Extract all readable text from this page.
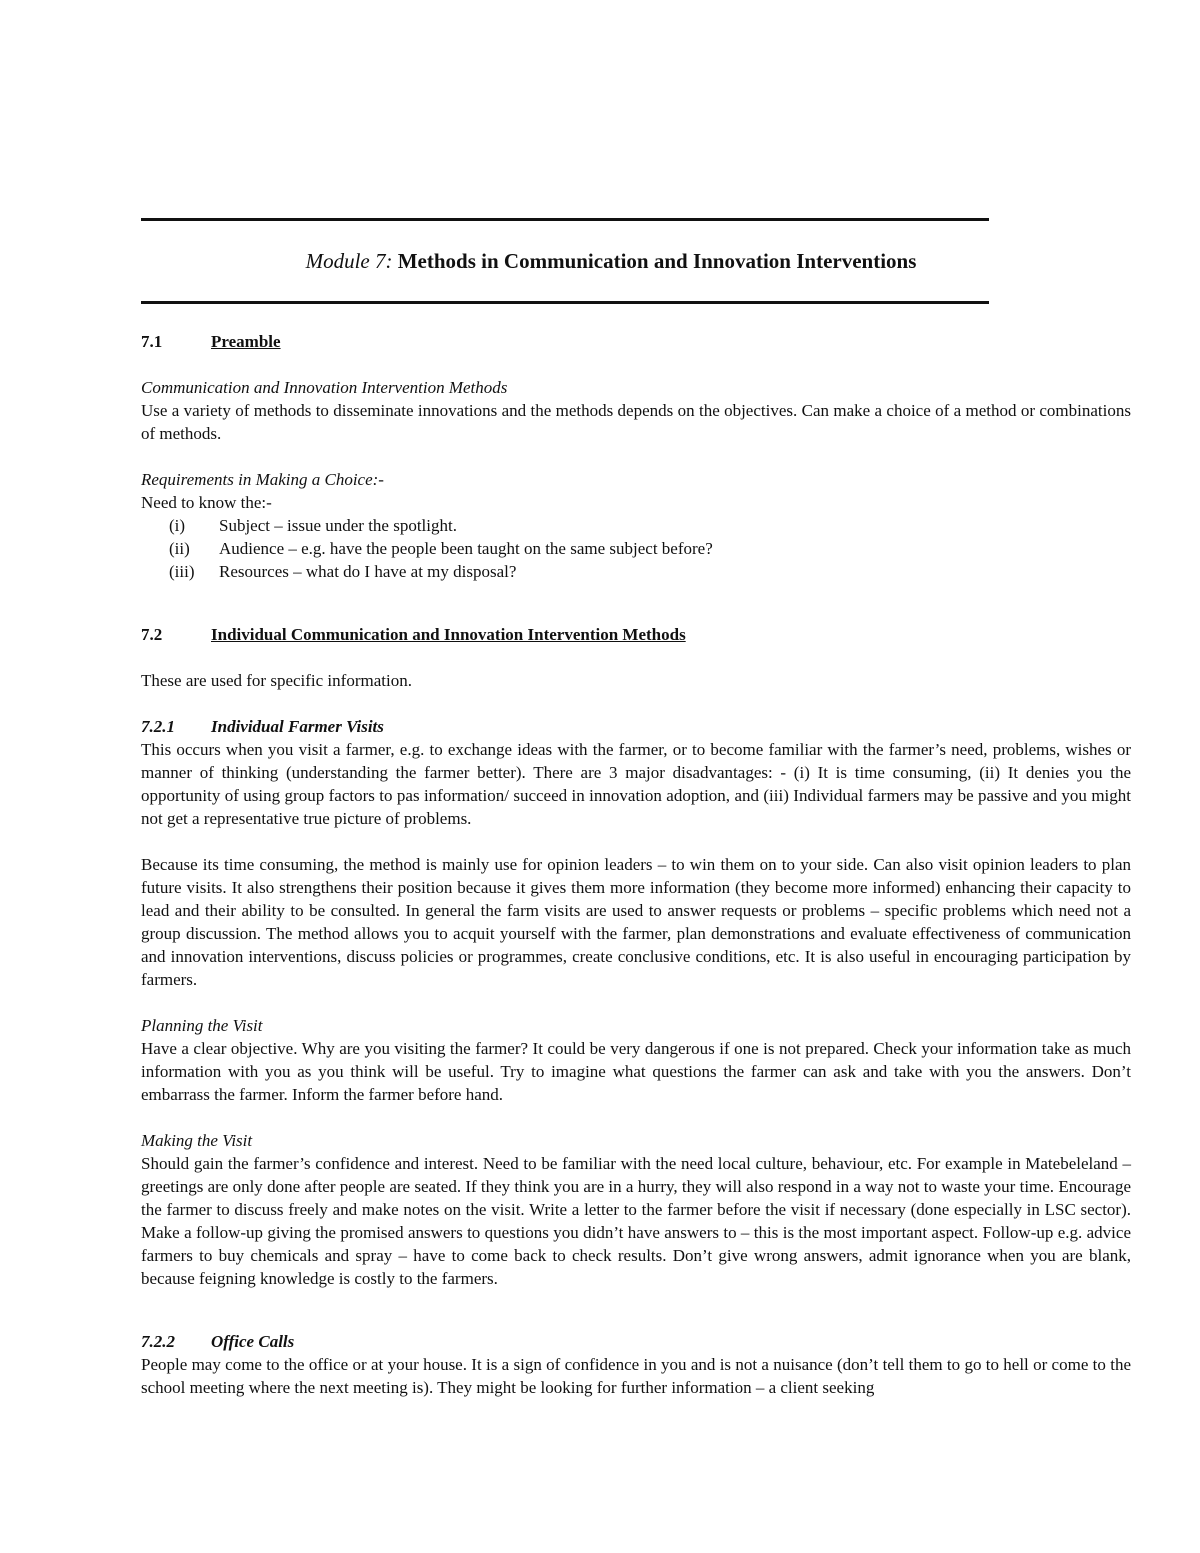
Module 7: Methods in Communication and Innovation Interventions
7.1	Preamble
Communication and Innovation Intervention Methods

Use a variety of methods to disseminate innovations and the methods depends on the objectives. Can make a choice of a method or combinations of methods.

Requirements in Making a Choice:-

Need to know the:-

(i) Subject – issue under the spotlight.
(ii) Audience – e.g. have the people been taught on the same subject before?
(iii) Resources – what do I have at my disposal?
7.2	Individual Communication and Innovation Intervention Methods

These are used for specific information.

7.2.1 Individual Farmer Visits

This occurs when you visit a farmer, e.g. to exchange ideas with the farmer, or to become familiar with the farmer’s need, problems, wishes or manner of thinking (understanding the farmer better). There are 3 major disadvantages: - (i) It is time consuming, (ii) It denies you the opportunity of using group factors to pas information/ succeed in innovation adoption, and (iii) Individual farmers may be passive and you might not get a representative true picture of problems.

Because its time consuming, the method is mainly use for opinion leaders – to win them on to your side. Can also visit opinion leaders to plan future visits. It also strengthens their position because it gives them more information (they become more informed) enhancing their capacity to lead and their ability to be consulted. In general the farm visits are used to answer requests or problems – specific problems which need not a group discussion. The method allows you to acquit yourself with the farmer, plan demonstrations and evaluate effectiveness of communication and innovation interventions, discuss policies or programmes, create conclusive conditions, etc. It is also useful in encouraging participation by farmers.

Planning the Visit

Have a clear objective. Why are you visiting the farmer? It could be very dangerous if one is not prepared. Check your information take as much information with you as you think will be useful. Try to imagine what questions the farmer can ask and take with you the answers. Don’t embarrass the farmer. Inform the farmer before hand.

Making the Visit

Should gain the farmer’s confidence and interest. Need to be familiar with the need local culture, behaviour, etc. For example in Matebeleland – greetings are only done after people are seated. If they think you are in a hurry, they will also respond in a way not to waste your time. Encourage the farmer to discuss freely and make notes on the visit. Write a letter to the farmer before the visit if necessary (done especially in LSC sector). Make a follow-up giving the promised answers to questions you didn’t have answers to – this is the most important aspect. Follow-up e.g. advice farmers to buy chemicals and spray – have to come back to check results. Don’t give wrong answers, admit ignorance when you are blank, because feigning knowledge is costly to the farmers.

7.2.2 Office Calls

People may come to the office or at your house. It is a sign of confidence in you and is not a nuisance (don’t tell them to go to hell or come to the school meeting where the next meeting is). They might be looking for further information – a client seeking
